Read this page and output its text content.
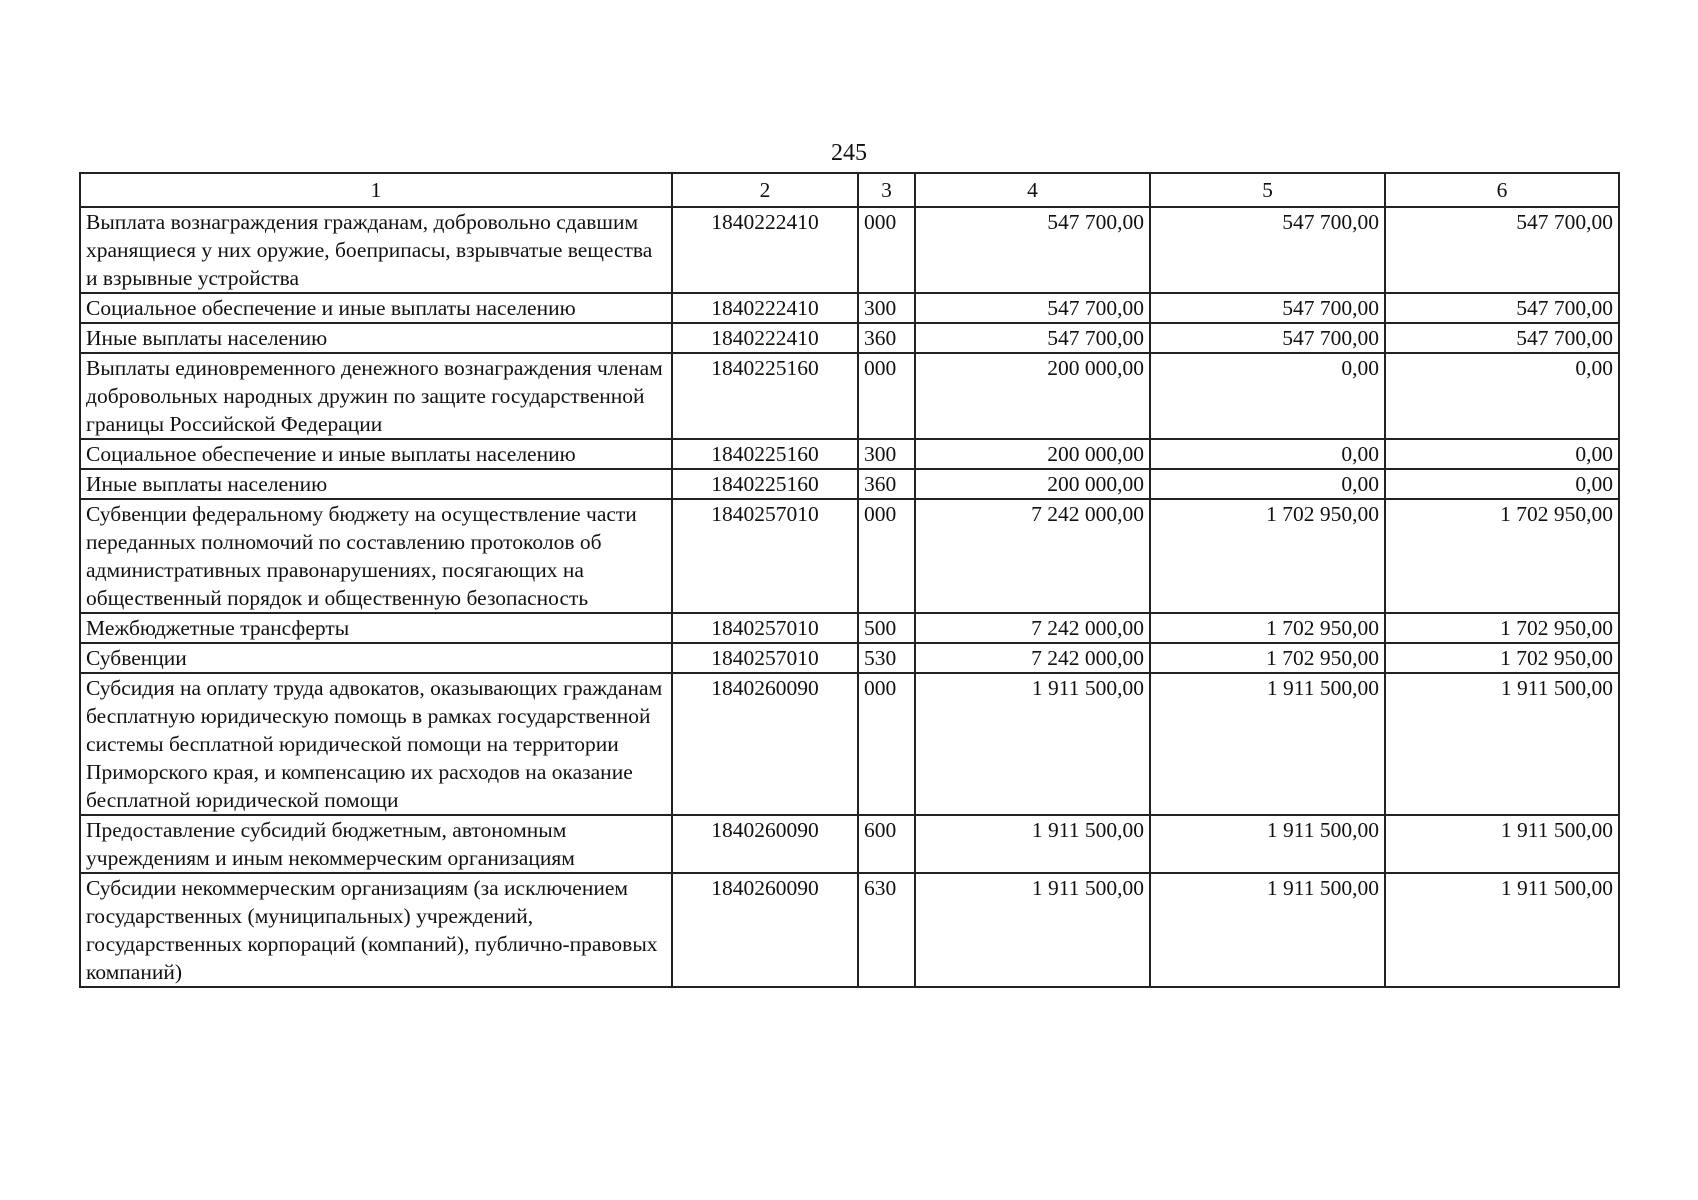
245
1	2	3	4	5	6
Выплата вознаграждения гражданам, добровольно сдавшим хранящиеся у них оружие, боеприпасы, взрывчатые вещества и взрывные устройства	1840222410	000	547 700,00	547 700,00	547 700,00
Социальное обеспечение и иные выплаты населению	1840222410	300	547 700,00	547 700,00	547 700,00
Иные выплаты населению	1840222410	360	547 700,00	547 700,00	547 700,00
Выплаты единовременного денежного вознаграждения членам добровольных народных дружин по защите государственной границы Российской Федерации	1840225160	000	200 000,00	0,00	0,00
Социальное обеспечение и иные выплаты населению	1840225160	300	200 000,00	0,00	0,00
Иные выплаты населению	1840225160	360	200 000,00	0,00	0,00
Субвенции федеральному бюджету на осуществление части переданных полномочий по составлению протоколов об административных правонарушениях, посягающих на общественный порядок и общественную безопасность	1840257010	000	7 242 000,00	1 702 950,00	1 702 950,00
Межбюджетные трансферты	1840257010	500	7 242 000,00	1 702 950,00	1 702 950,00
Субвенции	1840257010	530	7 242 000,00	1 702 950,00	1 702 950,00
Субсидия на оплату труда адвокатов, оказывающих гражданам бесплатную юридическую помощь в рамках государственной системы бесплатной юридической помощи на территории Приморского края, и компенсацию их расходов на оказание бесплатной юридической помощи	1840260090	000	1 911 500,00	1 911 500,00	1 911 500,00
Предоставление субсидий бюджетным, автономным учреждениям и иным некоммерческим организациям	1840260090	600	1 911 500,00	1 911 500,00	1 911 500,00
Субсидии некоммерческим организациям (за исключением государственных (муниципальных) учреждений, государственных корпораций (компаний), публично-правовых компаний)	1840260090	630	1 911 500,00	1 911 500,00	1 911 500,00
